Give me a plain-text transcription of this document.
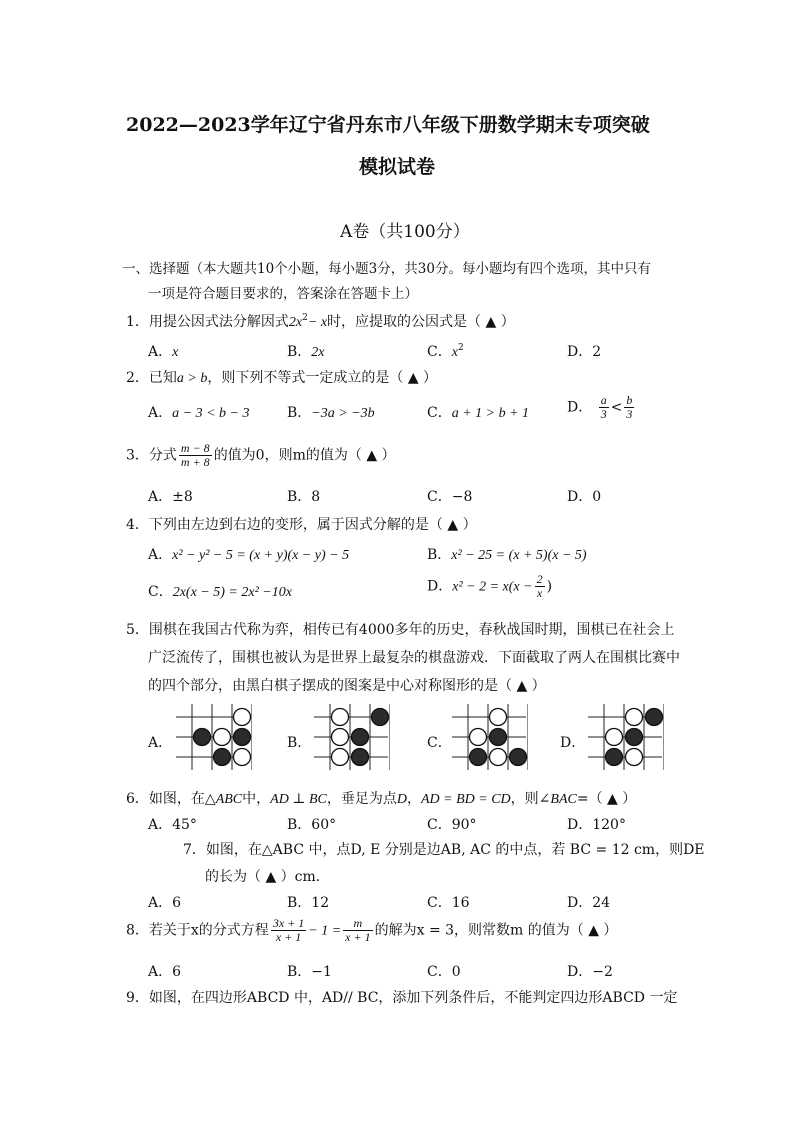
2022—2023学年辽宁省丹东市八年级下册数学期末专项突破
模拟试卷
A卷（共100分）
一、选择题（本大题共10个小题，每小题3分，共30分。每小题均有四个选项，其中只有
一项是符合题目要求的，答案涂在答题卡上）
1．用提公因式法分解因式$2x^2- x$时，应提取的公因式是（ ▲ ）
A．x	B．2x	C．$x^2$	D．2
2．已知a > b，则下列不等式一定成立的是（ ▲ ）
A．a − 3 < b − 3	B．−3a > −3b	C．a + 1 > b + 1	D． $\frac{a}{3} < \frac{b}{3}$
3．分式 $\frac{m - 8}{m + 8}$ 的值为0，则m的值为（ ▲ ）
A．±8	B．8	C．−8	D．0
4．下列由左边到右边的变形，属于因式分解的是（ ▲ ）
A．x² − y² − 5 = (x + y)(x − y) − 5	B．x² − 25 = (x + 5)(x − 5)
C．2x(x − 5) = 2x² −10x	D．$x^2 - 2 = x(x - \frac{2}{x}$ )
5．围棋在我国古代称为弈，相传已有4000多年的历史，春秋战国时期，围棋已在社会上
广泛流传了，围棋也被认为是世界上最复杂的棋盘游戏．下面截取了两人在围棋比赛中
的四个部分，由黑白棋子摆成的图案是中心对称图形的是（ ▲ ）
A．	B．	C．	D．
6．如图，在△ABC中，AD ⊥ BC，垂足为点D，AD = BD = CD，则∠BAC=（ ▲ ）
A．45°	B．60°	C．90°	D．120°
7．如图，在△ABC 中，点D, E 分别是边AB, AC 的中点，若 BC = 12 cm，则DE
的长为（ ▲ ）cm.
A．6	B．12	C．16	D．24
8．若关于x的分式方程 $\frac{3x + 1}{x + 1} - 1 = \frac{m}{x + 1}$ 的解为x = 3，则常数m 的值为（ ▲ ）
A．6	B．−1	C．0	D．−2
9．如图，在四边形ABCD 中，AD// BC，添加下列条件后，不能判定四边形ABCD 一定
